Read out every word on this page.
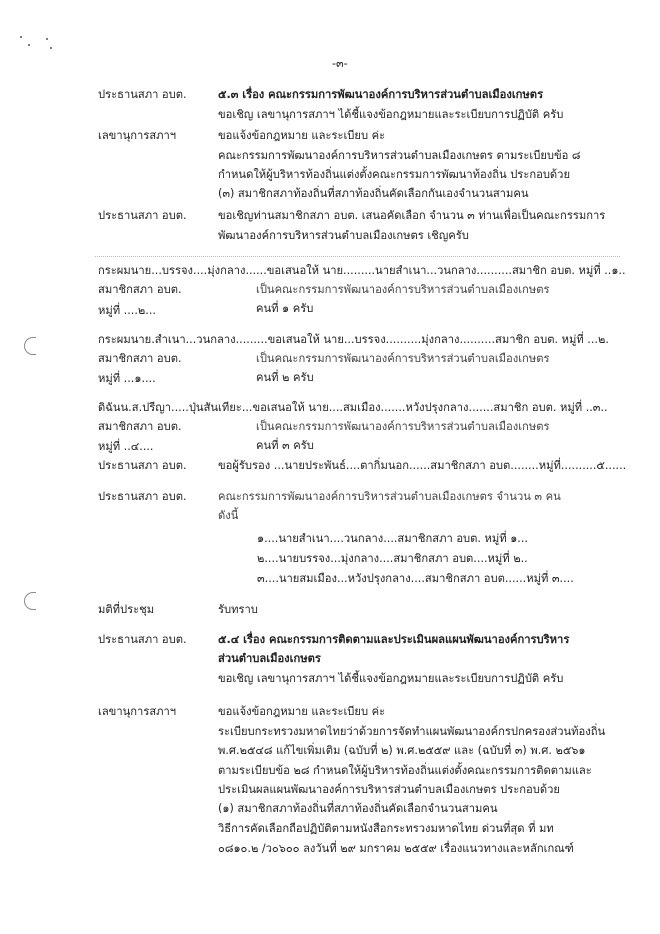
-๓-
ประธานสภา อบต.	๕.๓ เรื่อง คณะกรรมการพัฒนาองค์การบริหารส่วนตำบลเมืองเกษตร
ขอเชิญ เลขานุการสภาฯ ได้ชี้แจงข้อกฎหมายและระเบียบการปฏิบัติ ครับ
เลขานุการสภาฯ	ขอแจ้งข้อกฎหมาย และระเบียบ ค่ะ
คณะกรรมการพัฒนาองค์การบริหารส่วนตำบลเมืองเกษตร ตามระเบียบข้อ ๘
กำหนดให้ผู้บริหารท้องถิ่นแต่งตั้งคณะกรรมการพัฒนาท้องถิ่น ประกอบด้วย
(๓) สมาชิกสภาท้องถิ่นที่สภาท้องถิ่นคัดเลือกกันเองจำนวนสามคน
ประธานสภา อบต.	ขอเชิญท่านสมาชิกสภา อบต. เสนอคัดเลือก จำนวน ๓ ท่านเพื่อเป็นคณะกรรมการ
พัฒนาองค์การบริหารส่วนตำบลเมืองเกษตร เชิญครับ
กระผมนาย...บรรจง....มุ่งกลาง......ขอเสนอให้ นาย.........นายสำเนา...วนกลาง..........สมาชิก อบต. หมู่ที่ ..๑..
สมาชิกสภา อบต.	เป็นคณะกรรมการพัฒนาองค์การบริหารส่วนตำบลเมืองเกษตร
หมู่ที่ ....๒...	คนที่ ๑ ครับ
กระผมนาย.สำเนา...วนกลาง.........ขอเสนอให้ นาย...บรรจง..........มุ่งกลาง..........สมาชิก อบต. หมู่ที่ ...๒.
สมาชิกสภา อบต.	เป็นคณะกรรมการพัฒนาองค์การบริหารส่วนตำบลเมืองเกษตร
หมู่ที่ ...๑....	คนที่ ๒ ครับ
ดิฉันน.ส.ปรีญา.....ปุ่นสันเทียะ...ขอเสนอให้ นาย....สมเมือง.......หวังปรุงกลาง.......สมาชิก อบต. หมู่ที่ ..๓..
สมาชิกสภา อบต.	เป็นคณะกรรมการพัฒนาองค์การบริหารส่วนตำบลเมืองเกษตร
หมู่ที่ ..๔....	คนที่ ๓ ครับ
ประธานสภา อบต.	ขอผู้รับรอง ...นายประพันธ์....ตากิ่มนอก......สมาชิกสภา อบต........หมู่ที่..........๕......
ประธานสภา อบต.	คณะกรรมการพัฒนาองค์การบริหารส่วนตำบลเมืองเกษตร จำนวน ๓ คน
ดังนี้
๑....นายสำเนา....วนกลาง....สมาชิกสภา อบต. หมู่ที่ ๑...
๒....นายบรรจง...มุ่งกลาง....สมาชิกสภา อบต....หมู่ที่ ๒..
๓....นายสมเมือง...หวังปรุงกลาง....สมาชิกสภา อบต......หมู่ที่ ๓....
มติที่ประชุม	รับทราบ
ประธานสภา อบต.	๕.๔ เรื่อง คณะกรรมการติดตามและประเมินผลแผนพัฒนาองค์การบริหาร
ส่วนตำบลเมืองเกษตร
ขอเชิญ เลขานุการสภาฯ ได้ชี้แจงข้อกฎหมายและระเบียบการปฏิบัติ ครับ
เลขานุการสภาฯ	ขอแจ้งข้อกฎหมาย และระเบียบ ค่ะ
ระเบียบกระทรวงมหาดไทยว่าด้วยการจัดทำแผนพัฒนาองค์กรปกครองส่วนท้องถิ่น
พ.ศ.๒๕๔๘ แก้ไขเพิ่มเติม (ฉบับที่ ๒) พ.ศ.๒๕๕๙ และ (ฉบับที่ ๓) พ.ศ. ๒๕๖๑
ตามระเบียบข้อ ๒๘ กำหนดให้ผู้บริหารท้องถิ่นแต่งตั้งคณะกรรมการติดตามและ
ประเมินผลแผนพัฒนาองค์การบริหารส่วนตำบลเมืองเกษตร ประกอบด้วย
(๑) สมาชิกสภาท้องถิ่นที่สภาท้องถิ่นคัดเลือกจำนวนสามคน
วิธีการคัดเลือกถือปฏิบัติตามหนังสือกระทรวงมหาดไทย ด่วนที่สุด ที่ มท
๐๘๑๐.๒ /ว๐๖๐๐ ลงวันที่ ๒๙ มกราคม ๒๕๕๙ เรื่องแนวทางและหลักเกณฑ์
